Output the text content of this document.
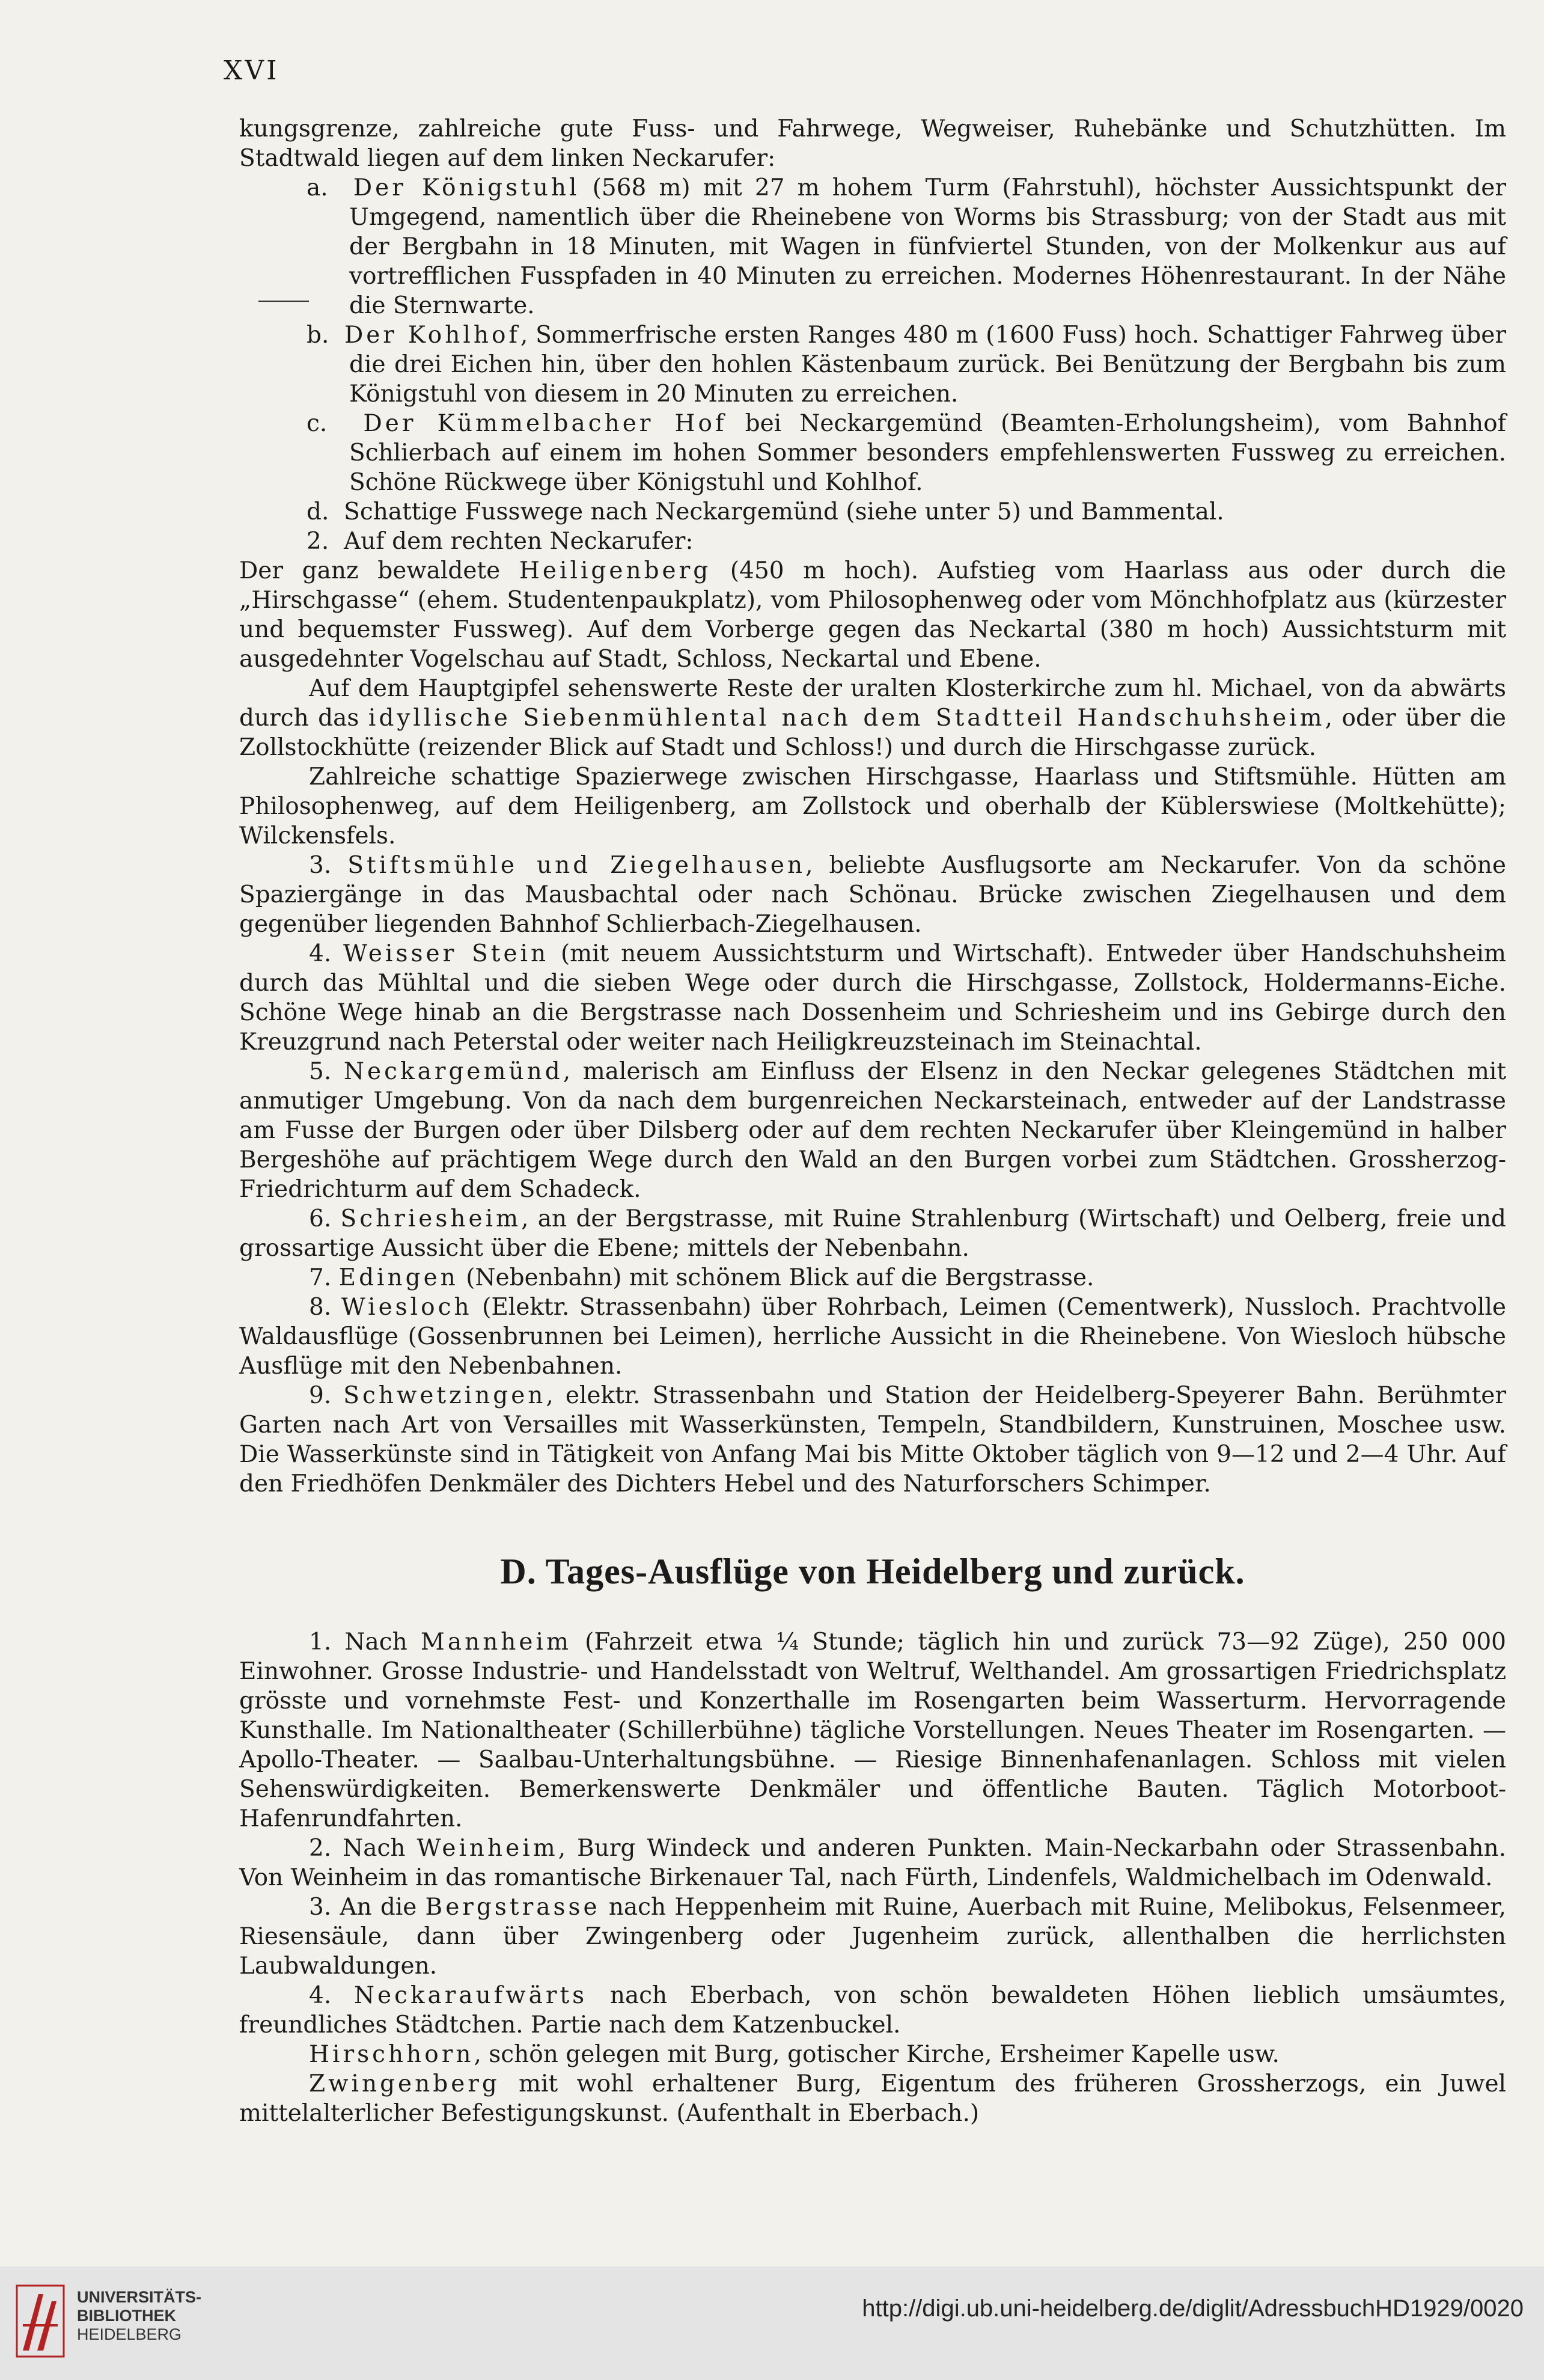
XVI

kungsgrenze, zahlreiche gute Fuss- und Fahrwege, Wegweiser, Ruhebänke und Schutzhütten. Im Stadtwald liegen auf dem linken Neckarufer:

a. Der Königstuhl (568 m) mit 27 m hohem Turm (Fahrstuhl), höchster Aussichtspunkt der Umgegend, namentlich über die Rheinebene von Worms bis Strassburg; von der Stadt aus mit der Bergbahn in 18 Minuten, mit Wagen in fünfviertel Stunden, von der Molkenkur aus auf vortrefflichen Fusspfaden in 40 Minuten zu erreichen. Modernes Höhenrestaurant. In der Nähe die Sternwarte.

b. Der Kohlhof, Sommerfrische ersten Ranges 480 m (1600 Fuss) hoch. Schattiger Fahrweg über die drei Eichen hin, über den hohlen Kästenbaum zurück. Bei Benützung der Bergbahn bis zum Königstuhl von diesem in 20 Minuten zu erreichen.

c. Der Kümmelbacher Hof bei Neckargemünd (Beamten-Erholungsheim), vom Bahnhof Schlierbach auf einem im hohen Sommer besonders empfehlenswerten Fussweg zu erreichen. Schöne Rückwege über Königstuhl und Kohlhof.

d. Schattige Fusswege nach Neckargemünd (siehe unter 5) und Bammental.

2. Auf dem rechten Neckarufer:

Der ganz bewaldete Heiligenberg (450 m hoch). Aufstieg vom Haarlass aus oder durch die „Hirschgasse“ (ehem. Studentenpaukplatz), vom Philosophenweg oder vom Mönchhofplatz aus (kürzester und bequemster Fussweg). Auf dem Vorberge gegen das Neckartal (380 m hoch) Aussichtsturm mit ausgedehnter Vogelschau auf Stadt, Schloss, Neckartal und Ebene.

Auf dem Hauptgipfel sehenswerte Reste der uralten Klosterkirche zum hl. Michael, von da abwärts durch das idyllische Siebenmühlental nach dem Stadtteil Handschuhsheim, oder über die Zollstockhütte (reizender Blick auf Stadt und Schloss!) und durch die Hirschgasse zurück.

Zahlreiche schattige Spazierwege zwischen Hirschgasse, Haarlass und Stiftsmühle. Hütten am Philosophenweg, auf dem Heiligenberg, am Zollstock und oberhalb der Küblerswiese (Moltkehütte); Wilckensfels.

3. Stiftsmühle und Ziegelhausen, beliebte Ausflugsorte am Neckarufer. Von da schöne Spaziergänge in das Mausbachtal oder nach Schönau. Brücke zwischen Ziegelhausen und dem gegenüber liegenden Bahnhof Schlierbach-Ziegelhausen.

4. Weisser Stein (mit neuem Aussichtsturm und Wirtschaft). Entweder über Handschuhsheim durch das Mühltal und die sieben Wege oder durch die Hirschgasse, Zollstock, Holdermanns-Eiche. Schöne Wege hinab an die Bergstrasse nach Dossenheim und Schriesheim und ins Gebirge durch den Kreuzgrund nach Peterstal oder weiter nach Heiligkreuzsteinach im Steinachtal.

5. Neckargemünd, malerisch am Einfluss der Elsenz in den Neckar gelegenes Städtchen mit anmutiger Umgebung. Von da nach dem burgenreichen Neckarsteinach, entweder auf der Landstrasse am Fusse der Burgen oder über Dilsberg oder auf dem rechten Neckarufer über Kleingemünd in halber Bergeshöhe auf prächtigem Wege durch den Wald an den Burgen vorbei zum Städtchen. Grossherzog-Friedrichturm auf dem Schadeck.

6. Schriesheim, an der Bergstrasse, mit Ruine Strahlenburg (Wirtschaft) und Oelberg, freie und grossartige Aussicht über die Ebene; mittels der Nebenbahn.

7. Edingen (Nebenbahn) mit schönem Blick auf die Bergstrasse.

8. Wiesloch (Elektr. Strassenbahn) über Rohrbach, Leimen (Cementwerk), Nussloch. Prachtvolle Waldausflüge (Gossenbrunnen bei Leimen), herrliche Aussicht in die Rheinebene. Von Wiesloch hübsche Ausflüge mit den Nebenbahnen.

9. Schwetzingen, elektr. Strassenbahn und Station der Heidelberg-Speyerer Bahn. Berühmter Garten nach Art von Versailles mit Wasserkünsten, Tempeln, Standbildern, Kunstruinen, Moschee usw. Die Wasserkünste sind in Tätigkeit von Anfang Mai bis Mitte Oktober täglich von 9—12 und 2—4 Uhr. Auf den Friedhöfen Denkmäler des Dichters Hebel und des Naturforschers Schimper.

D. Tages-Ausflüge von Heidelberg und zurück.

1. Nach Mannheim (Fahrzeit etwa ¼ Stunde; täglich hin und zurück 73—92 Züge), 250 000 Einwohner. Grosse Industrie- und Handelsstadt von Weltruf, Welthandel. Am grossartigen Friedrichsplatz grösste und vornehmste Fest- und Konzerthalle im Rosengarten beim Wasserturm. Hervorragende Kunsthalle. Im Nationaltheater (Schillerbühne) tägliche Vorstellungen. Neues Theater im Rosengarten. — Apollo-Theater. — Saalbau-Unterhaltungsbühne. — Riesige Binnenhafenanlagen. Schloss mit vielen Sehenswürdigkeiten. Bemerkenswerte Denkmäler und öffentliche Bauten. Täglich Motorboot-Hafenrundfahrten.

2. Nach Weinheim, Burg Windeck und anderen Punkten. Main-Neckarbahn oder Strassenbahn. Von Weinheim in das romantische Birkenauer Tal, nach Fürth, Lindenfels, Waldmichelbach im Odenwald.

3. An die Bergstrasse nach Heppenheim mit Ruine, Auerbach mit Ruine, Melibokus, Felsenmeer, Riesensäule, dann über Zwingenberg oder Jugenheim zurück, allenthalben die herrlichsten Laubwaldungen.

4. Neckaraufwärts nach Eberbach, von schön bewaldeten Höhen lieblich umsäumtes, freundliches Städtchen. Partie nach dem Katzenbuckel.

Hirschhorn, schön gelegen mit Burg, gotischer Kirche, Ersheimer Kapelle usw.

Zwingenberg mit wohl erhaltener Burg, Eigentum des früheren Grossherzogs, ein Juwel mittelalterlicher Befestigungskunst. (Aufenthalt in Eberbach.)

UNIVERSITÄTS-
BIBLIOTHEK
HEIDELBERG
http://digi.ub.uni-heidelberg.de/diglit/AdressbuchHD1929/0020
